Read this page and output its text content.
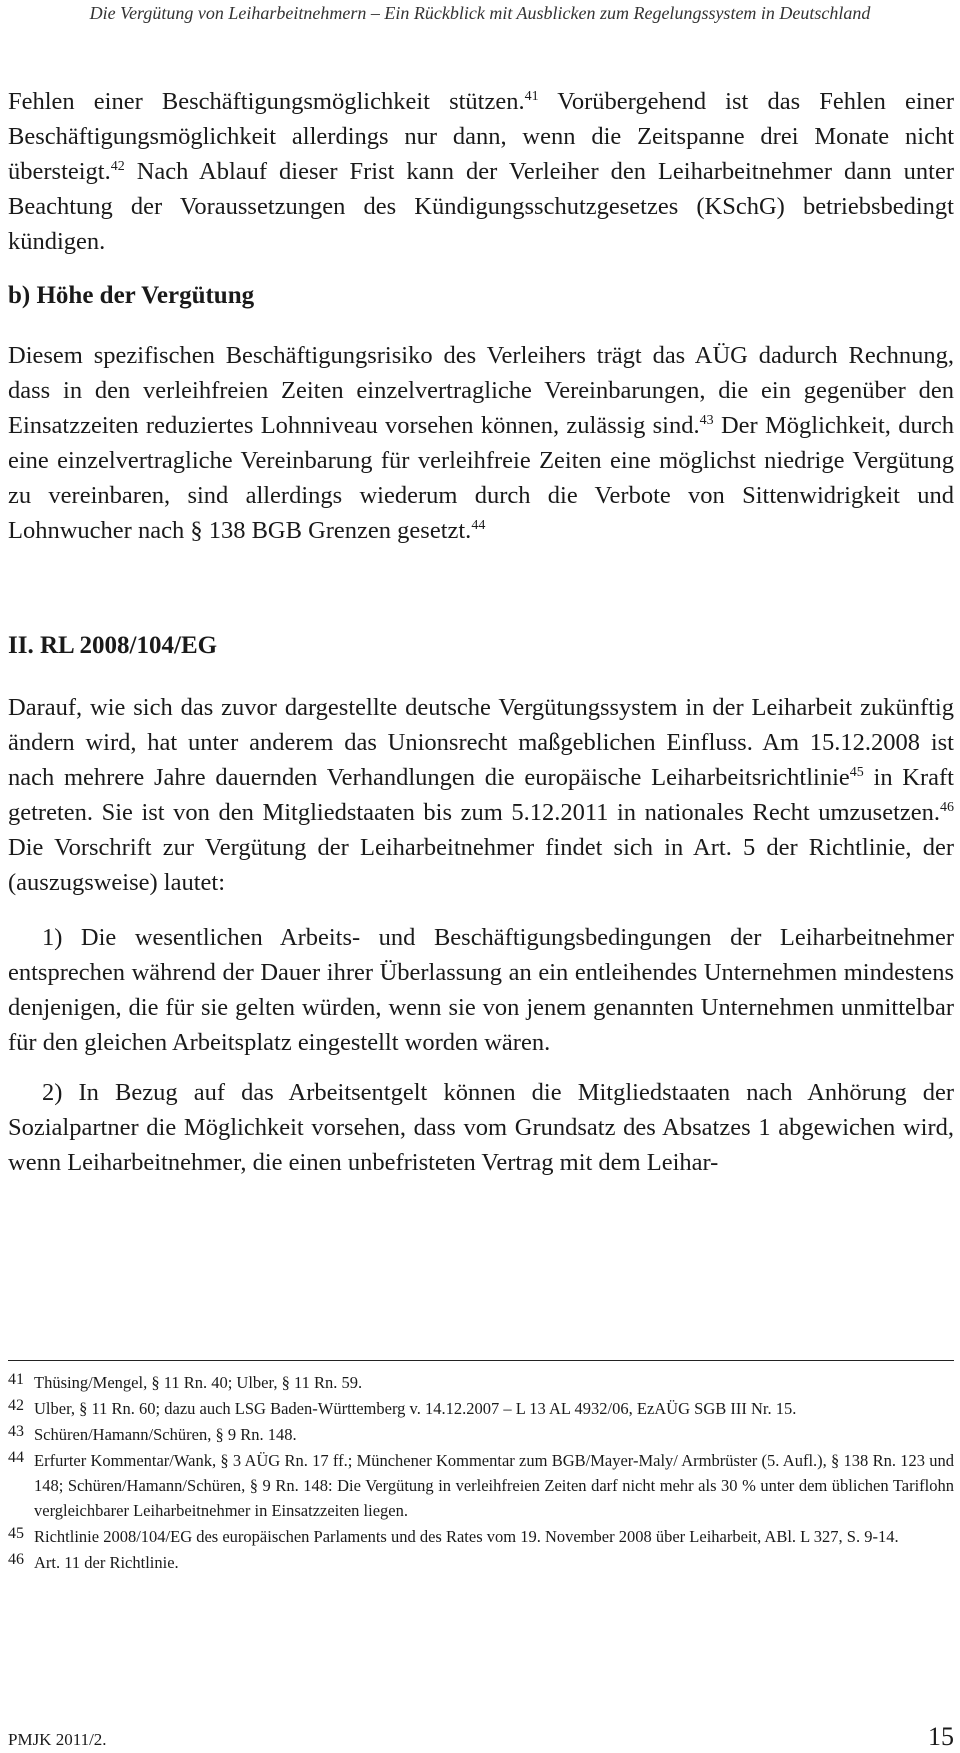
Die Vergütung von Leiharbeitnehmern – Ein Rückblick mit Ausblicken zum Regelungssystem in Deutschland

Fehlen einer Beschäftigungsmöglichkeit stützen.$^{41}$ Vorübergehend ist das Fehlen einer Beschäftigungsmöglichkeit allerdings nur dann, wenn die Zeitspanne drei Monate nicht übersteigt.$^{42}$ Nach Ablauf dieser Frist kann der Verleiher den Leiharbeitnehmer dann unter Beachtung der Voraussetzungen des Kündigungsschutzgesetzes (KSchG) betriebsbedingt kündigen.

b) Höhe der Vergütung

Diesem spezifischen Beschäftigungsrisiko des Verleihers trägt das AÜG dadurch Rechnung, dass in den verleihfreien Zeiten einzelvertragliche Vereinbarungen, die ein gegenüber den Einsatzzeiten reduziertes Lohnniveau vorsehen können, zulässig sind.$^{43}$ Der Möglichkeit, durch eine einzelvertragliche Vereinbarung für verleihfreie Zeiten eine möglichst niedrige Vergütung zu vereinbaren, sind allerdings wiederum durch die Verbote von Sittenwidrigkeit und Lohnwucher nach § 138 BGB Grenzen gesetzt.$^{44}$

II. RL 2008/104/EG

Darauf, wie sich das zuvor dargestellte deutsche Vergütungssystem in der Leiharbeit zukünftig ändern wird, hat unter anderem das Unionsrecht maßgeblichen Einfluss. Am 15.12.2008 ist nach mehrere Jahre dauernden Verhandlungen die europäische Leiharbeitsrichtlinie$^{45}$ in Kraft getreten. Sie ist von den Mitgliedstaaten bis zum 5.12.2011 in nationales Recht umzusetzen.$^{46}$ Die Vorschrift zur Vergütung der Leiharbeitnehmer findet sich in Art. 5 der Richtlinie, der (auszugsweise) lautet:

1) Die wesentlichen Arbeits- und Beschäftigungsbedingungen der Leiharbeitnehmer entsprechen während der Dauer ihrer Überlassung an ein entleihendes Unternehmen mindestens denjenigen, die für sie gelten würden, wenn sie von jenem genannten Unternehmen unmittelbar für den gleichen Arbeitsplatz eingestellt worden wären.

2) In Bezug auf das Arbeitsentgelt können die Mitgliedstaaten nach Anhörung der Sozialpartner die Möglichkeit vorsehen, dass vom Grundsatz des Absatzes 1 abgewichen wird, wenn Leiharbeitnehmer, die einen unbefristeten Vertrag mit dem Leihar-

41 Thüsing/Mengel, § 11 Rn. 40; Ulber, § 11 Rn. 59.
42 Ulber, § 11 Rn. 60; dazu auch LSG Baden-Württemberg v. 14.12.2007 – L 13 AL 4932/06, EzAÜG SGB III Nr. 15.
43 Schüren/Hamann/Schüren, § 9 Rn. 148.
44 Erfurter Kommentar/Wank, § 3 AÜG Rn. 17 ff.; Münchener Kommentar zum BGB/Mayer-Maly/ Armbrüster (5. Aufl.), § 138 Rn. 123 und 148; Schüren/Hamann/Schüren, § 9 Rn. 148: Die Vergütung in verleihfreien Zeiten darf nicht mehr als 30 % unter dem üblichen Tariflohn vergleichbarer Leiharbeitnehmer in Einsatzzeiten liegen.
45 Richtlinie 2008/104/EG des europäischen Parlaments und des Rates vom 19. November 2008 über Leiharbeit, ABl. L 327, S. 9-14.
46 Art. 11 der Richtlinie.
PMJK 2011/2.	15
